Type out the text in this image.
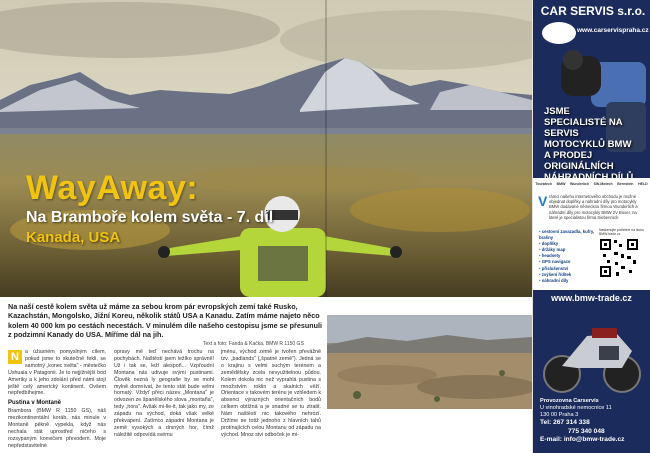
WayAway:

Na Bramboře kolem světa - 7. díl

Kanada, USA

Na naší cestě kolem světa už máme za sebou krom pár evropských zemí také Rusko, Kazachstán, Mongolsko, Jižní Koreu, několik států USA a Kanadu. Zatím máme najeto něco kolem 40 000 km po cestách necestách. V minulém díle našeho cestopisu jsme se přesunuli z podzimní Kanady do USA. Míříme dál na jih.

Text a foto: Fanda & Kačka, BMW R 1150 GS
N	a úžasném pomyslným cílem, pokud jsme to skutečně řekli, se samotný „konec světa" - městečko Ushuaia v Patagonii. Je to nejjižnější bod Ameriky a k jeho zdolání před námi stojí ještě celý americký kontinent. Ovšem nepředbíhejme.

Pustina v Montaně

Brambora (BMW R 1150 GS), náš mezikontinentální koráb, nás minule v Montaně pěkně vypekla, když nás nechala stát uprostřed ničeho s rozsypaným konvičem převodem. Moje nepředstavitelné

opravy mě teď nechává trochu na pochybách. Naštěstí jsem ležíko správně! Už i tak se, leží alespoň... Vzpřoudní Montana nás udivuje svými pustinami. Člověk nezná ly geografie by se mohl mylně domnívat, že tento stát bude velmi hornatý. Vždyť přeci název „Montana" je odvozen ze španělského slova „montaña", tedy „hora". Avšak mi-lle-it, tak jako my, ze západu na východ, doká však velké překvapení. Zatímco západní Montana je země vysokých a drsných hor, čímž náležitě odpovídá svému

jménu, východ země je tvořen převážně tzv. „badlands" („špatné země"). Jedná se o krajinu s velmi suchým terénem a zemědělsky zcela nevyužitelnou půdou. Kolem dokola nic než vyprahlá pustina s množstvím roklin a skalních věží. Orientace v takovém terénu je vzhledem k absenci výrazných orientačních bodů celkem obtížná a je snadné se tu ztratit. Nám naštěstí nic takového nehrozí. Držíme se totiž jednoho z hlavních tahů protínajících celou Montanu od západu na východ. Mnoz stvi odboček je mi-

CAR SERVIS s.r.o.
www.carservispraha.cz

JSME SPECIALISTÉ NA SERVIS MOTOCYKLŮ BMW A PRODEJ ORIGINÁLNÍCH

Touratech BMW Wunderlich SW-Motech Bernstein HELD
V rámci našeho internetového obchodu je možné objednat doplňky a náhradní díly pro motocykly BMW dodávané německou firmou Wunderlich a náhradní díly pro motocykly BMW 2V Boxer, na které je specialistou firma Siebenrock

• cestovní zavazadla, kufry, brašny
• doplňky
• držáky map
• headsety
• GPS navigace
• příslušenství
• zvýšení řídítek
• náhradní díly

Naskenujte potřebné na ikonu BMW-trade.cz

www.bmw-trade.cz

Provozovna Carservis
U vinohradské nemocnice 11
130 00 Praha 3

Tel: 267 314 338
775 340 048
E-mail: info@bmw-trade.cz
